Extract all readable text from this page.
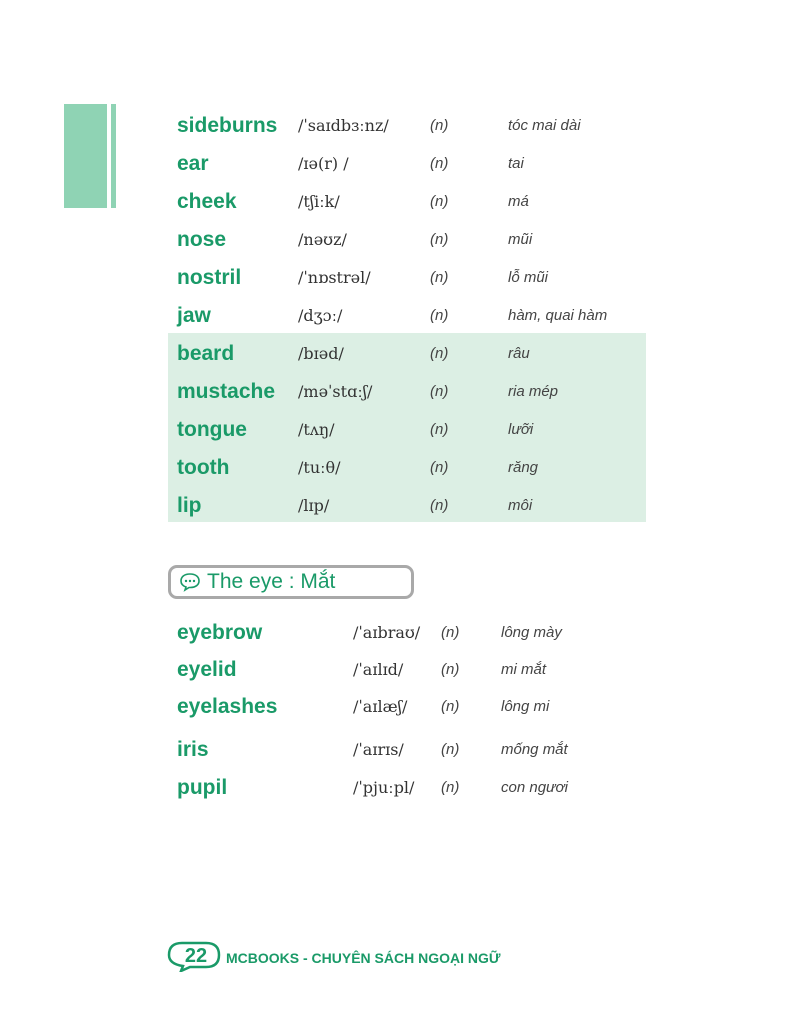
sideburns /ˈsaɪdbɜːnz/	(n)	tóc mai dài
ear	/ɪə(r) /	(n)	tai
cheek	/tʃiːk/	(n)	má
nose	/nəʊz/	(n)	mũi
nostril	/ˈnɒstrəl/	(n)	lỗ mũi
jaw	/dʒɔː/	(n)	hàm, quai hàm
beard	/bɪəd/	(n)	râu
mustache /məˈstɑːʃ/	(n)	ria mép
tongue	/tʌŋ/	(n)	lưỡi
tooth	/tuːθ/	(n)	răng
lip	/lɪp/	(n)	môi
The eye : Mắt
eyebrow	/ˈaɪbraʊ/ (n)	lông mày
eyelid	/ˈaɪlɪd/	(n)	mi mắt
eyelashes	/ˈaɪlæʃ/ (n)	lông mi
iris	/ˈaɪrɪs/ (n)	mống mắt
pupil	/ˈpjuːpl/ (n)	con ngươi
22	MCBOOKS - CHUYÊN SÁCH NGOẠI NGỮ
